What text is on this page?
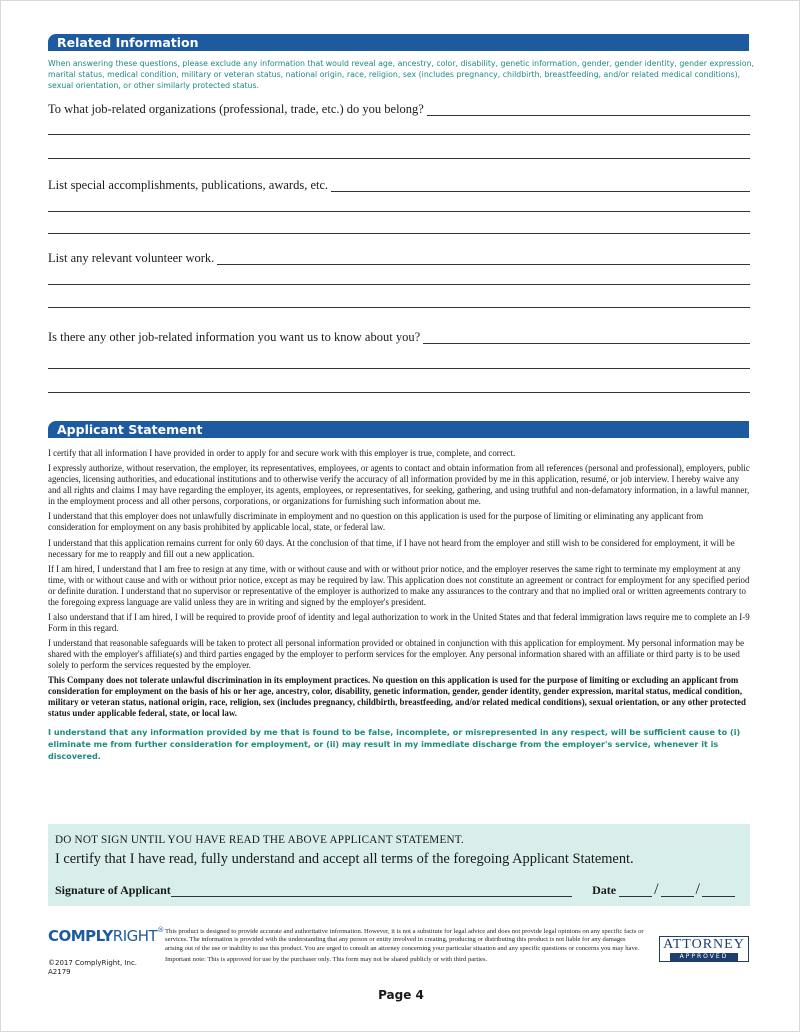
Related Information
When answering these questions, please exclude any information that would reveal age, ancestry, color, disability, genetic information, gender, gender identity, gender expression, marital status, medical condition, military or veteran status, national origin, race, religion, sex (includes pregnancy, childbirth, breastfeeding, and/or related medical conditions), sexual orientation, or other similarly protected status.
To what job-related organizations (professional, trade, etc.) do you belong?
List special accomplishments, publications, awards, etc.
List any relevant volunteer work.
Is there any other job-related information you want us to know about you?
Applicant Statement

I certify that all information I have provided in order to apply for and secure work with this employer is true, complete, and correct.

I expressly authorize, without reservation, the employer, its representatives, employees, or agents to contact and obtain information from all references (personal and professional), employers, public agencies, licensing authorities, and educational institutions and to otherwise verify the accuracy of all information provided by me in this application, resumé, or job interview. I hereby waive any and all rights and claims I may have regarding the employer, its agents, employees, or representatives, for seeking, gathering, and using truthful and non-defamatory information, in a lawful manner, in the employment process and all other persons, corporations, or organizations for furnishing such information about me.

I understand that this employer does not unlawfully discriminate in employment and no question on this application is used for the purpose of limiting or eliminating any applicant from consideration for employment on any basis prohibited by applicable local, state, or federal law.

I understand that this application remains current for only 60 days. At the conclusion of that time, if I have not heard from the employer and still wish to be considered for employment, it will be necessary for me to reapply and fill out a new application.

If I am hired, I understand that I am free to resign at any time, with or without cause and with or without prior notice, and the employer reserves the same right to terminate my employment at any time, with or without cause and with or without prior notice, except as may be required by law. This application does not constitute an agreement or contract for employment for any specified period or definite duration. I understand that no supervisor or representative of the employer is authorized to make any assurances to the contrary and that no implied oral or written agreements contrary to the foregoing express language are valid unless they are in writing and signed by the employer's president.

I also understand that if I am hired, I will be required to provide proof of identity and legal authorization to work in the United States and that federal immigration laws require me to complete an I-9 Form in this regard.

I understand that reasonable safeguards will be taken to protect all personal information provided or obtained in conjunction with this application for employment. My personal information may be shared with the employer's affiliate(s) and third parties engaged by the employer to perform services for the employer. Any personal information shared with an affiliate or third party is to be used solely to perform the services requested by the employer.

This Company does not tolerate unlawful discrimination in its employment practices. No question on this application is used for the purpose of limiting or excluding an applicant from consideration for employment on the basis of his or her age, ancestry, color, disability, genetic information, gender, gender identity, gender expression, marital status, medical condition, military or veteran status, national origin, race, religion, sex (includes pregnancy, childbirth, breastfeeding, and/or related medical conditions), sexual orientation, or any other protected status under applicable federal, state, or local law.

I understand that any information provided by me that is found to be false, incomplete, or misrepresented in any respect, will be sufficient cause to (i) eliminate me from further consideration for employment, or (ii) may result in my immediate discharge from the employer's service, whenever it is discovered.

DO NOT SIGN UNTIL YOU HAVE READ THE ABOVE APPLICANT STATEMENT.
I certify that I have read, fully understand and accept all terms of the foregoing Applicant Statement.
Signature of Applicant	Date / /
COMPLYRIGHT®
©2017 ComplyRight, Inc.
A2179
This product is designed to provide accurate and authoritative information. However, it is not a substitute for legal advice and does not provide legal opinions on any specific facts or services. The information is provided with the understanding that any person or entity involved in creating, producing or distributing this product is not liable for any damages arising out of the use or inability to use this product. You are urged to consult an attorney concerning your particular situation and any specific questions or concerns you may have.
Important note: This is approved for use by the purchaser only. This form may not be shared publicly or with third parties.
ATTORNEY
APPROVED
Page 4
